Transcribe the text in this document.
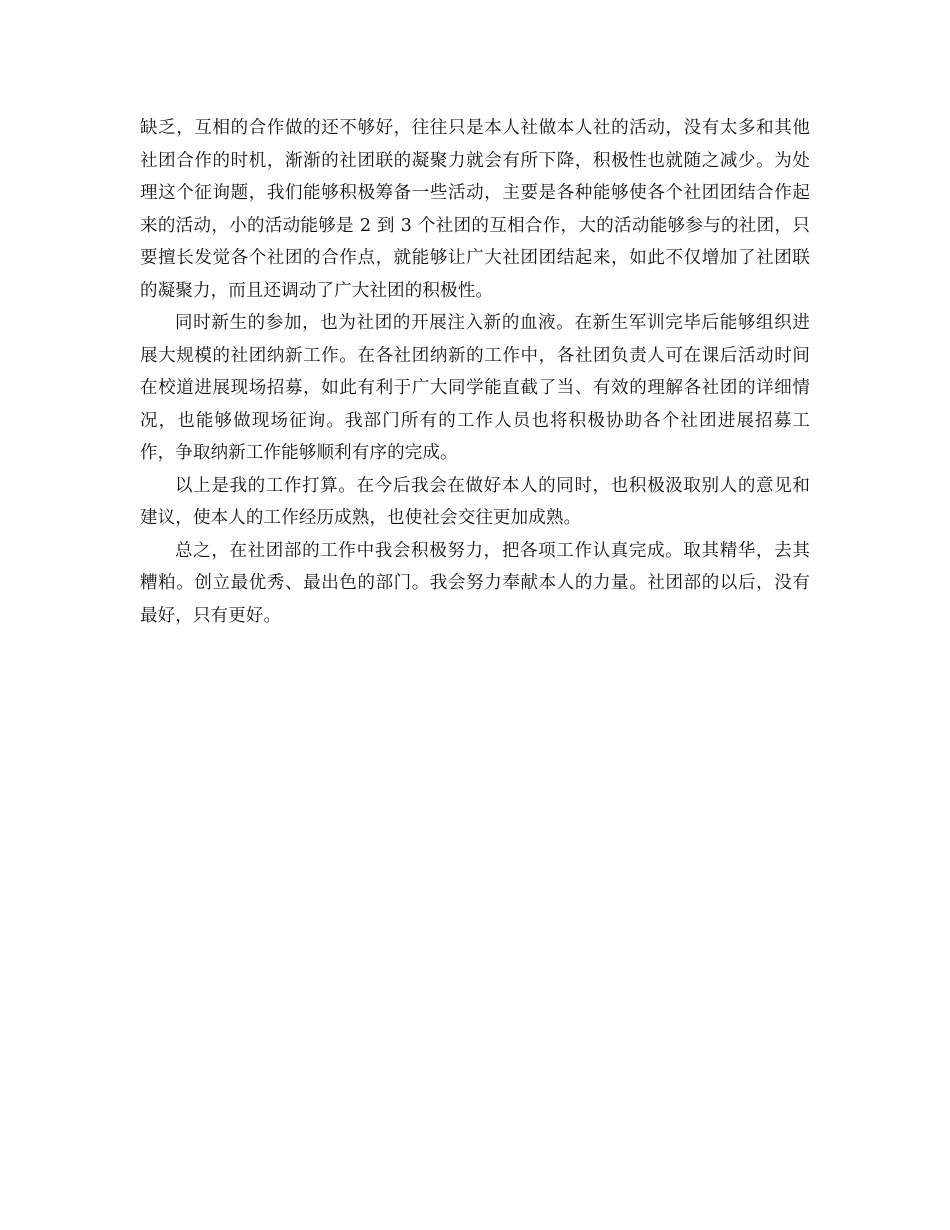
缺乏，互相的合作做的还不够好，往往只是本人社做本人社的活动，没有太多和其他社团合作的时机，渐渐的社团联的凝聚力就会有所下降，积极性也就随之减少。为处理这个征询题，我们能够积极筹备一些活动，主要是各种能够使各个社团团结合作起来的活动，小的活动能够是 2 到 3 个社团的互相合作，大的活动能够参与的社团，只要擅长发觉各个社团的合作点，就能够让广大社团团结起来，如此不仅增加了社团联的凝聚力，而且还调动了广大社团的积极性。

同时新生的参加，也为社团的开展注入新的血液。在新生军训完毕后能够组织进展大规模的社团纳新工作。在各社团纳新的工作中，各社团负责人可在课后活动时间在校道进展现场招募，如此有利于广大同学能直截了当、有效的理解各社团的详细情况，也能够做现场征询。我部门所有的工作人员也将积极协助各个社团进展招募工作，争取纳新工作能够顺利有序的完成。

以上是我的工作打算。在今后我会在做好本人的同时，也积极汲取别人的意见和建议，使本人的工作经历成熟，也使社会交往更加成熟。

总之，在社团部的工作中我会积极努力，把各项工作认真完成。取其精华，去其糟粕。创立最优秀、最出色的部门。我会努力奉献本人的力量。社团部的以后，没有最好，只有更好。
